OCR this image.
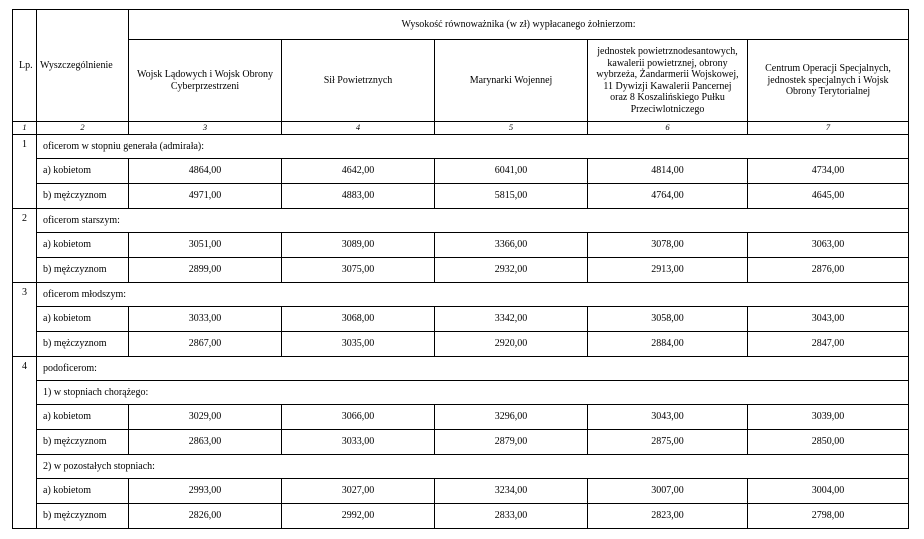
Lp.	Wyszczególnienie	Wysokość równoważnika (w zł) wypłacanego żołnierzom:				
		Wojsk Lądowych i Wojsk Obrony Cyberprzestrzeni	Sił Powietrznych	Marynarki Wojennej	jednostek powietrznodesantowych, kawalerii powietrznej, obrony wybrzeża, Żandarmerii Wojskowej, 11 Dywizji Kawalerii Pancernej oraz 8 Koszalińskiego Pułku Przeciwlotniczego	Centrum Operacji Specjalnych, jednostek specjalnych i Wojsk Obrony Terytorialnej
1	2	3	4	5	6	7
1	oficerom w stopniu generała (admirała):					
	a) kobietom	4864,00	4642,00	6041,00	4814,00	4734,00
	b) mężczyznom	4971,00	4883,00	5815,00	4764,00	4645,00
2	oficerom starszym:					
	a) kobietom	3051,00	3089,00	3366,00	3078,00	3063,00
	b) mężczyznom	2899,00	3075,00	2932,00	2913,00	2876,00
3	oficerom młodszym:					
	a) kobietom	3033,00	3068,00	3342,00	3058,00	3043,00
	b) mężczyznom	2867,00	3035,00	2920,00	2884,00	2847,00
4	podoficerom:					
	1) w stopniach chorążego:					
	a) kobietom	3029,00	3066,00	3296,00	3043,00	3039,00
	b) mężczyznom	2863,00	3033,00	2879,00	2875,00	2850,00
	2) w pozostałych stopniach:					
	a) kobietom	2993,00	3027,00	3234,00	3007,00	3004,00
	b) mężczyznom	2826,00	2992,00	2833,00	2823,00	2798,00
